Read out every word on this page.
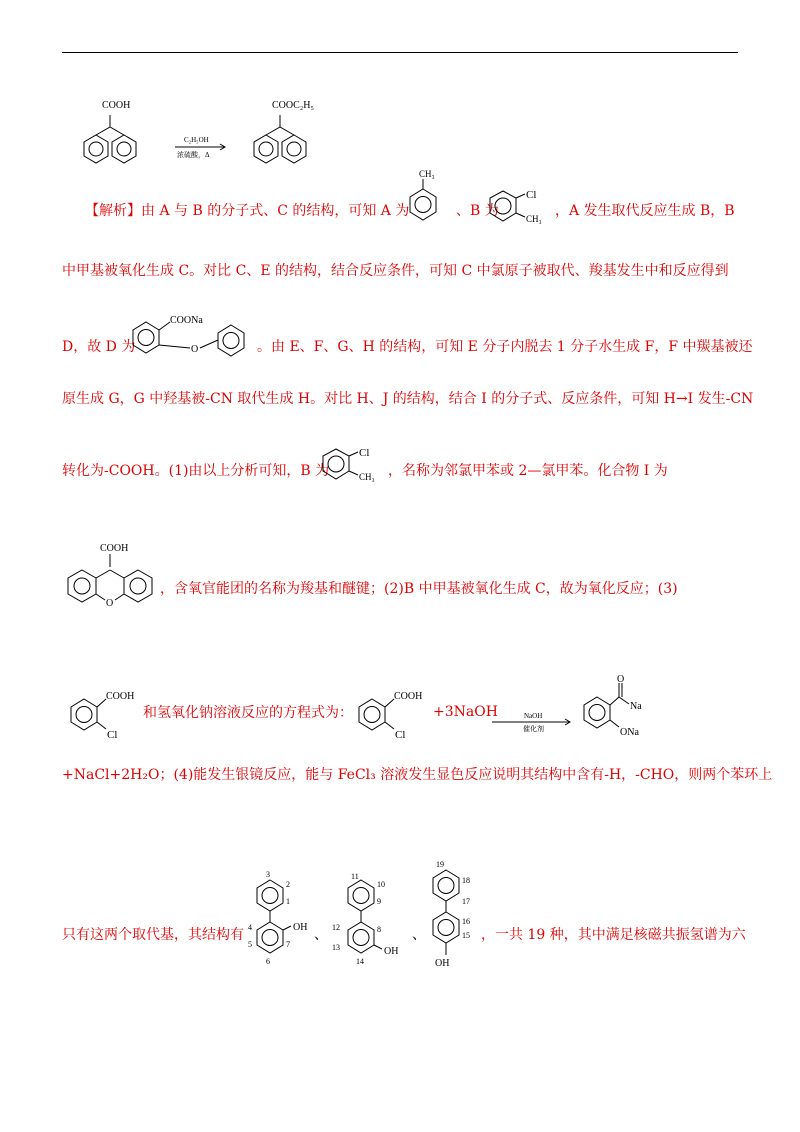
COOH	COOC₂H₅
C₂H₅OH
浓硫酸，Δ
【解析】由 A 与 B 的分子式、C 的结构，可知 A 为
CH₃
、B 为
Cl
CH₃ ，A 发生取代反应生成 B，B
中甲基被氧化生成 C。对比 C、E 的结构，结合反应条件，可知 C 中氯原子被取代、羧基发生中和反应得到
D，故 D 为
COONa
O	。由 E、F、G、H 的结构，可知 E 分子内脱去 1 分子水生成 F，F 中羰基被还
原生成 G，G 中羟基被-CN 取代生成 H。对比 H、J 的结构，结合 I 的分子式、反应条件，可知 H→I 发生-CN
转化为-COOH。(1)由以上分析可知，B 为
Cl
CH₃ ，名称为邻氯甲苯或 2—氯甲苯。化合物 I 为
COOH
O
，含氧官能团的名称为羧基和醚键；(2)B 中甲基被氧化生成 C，故为氧化反应；(3)
COOH
Cl
和氢氧化钠溶液反应的方程式为：
COOH
Cl
+3NaOH	NaOH
催化剂
O
Na
ONa
+NaCl+2H₂O；(4)能发生银镜反应，能与 FeCl₃ 溶液发生显色反应说明其结构中含有-H，-CHO，则两个苯环上
只有这两个取代基，其结构有	OH
3
2
1
4
5
6
7
、
OH
11
10
9
12	8
13
14
、
OH
19
18
17
16
15 ，一共 19 种，其中满足核磁共振氢谱为六
